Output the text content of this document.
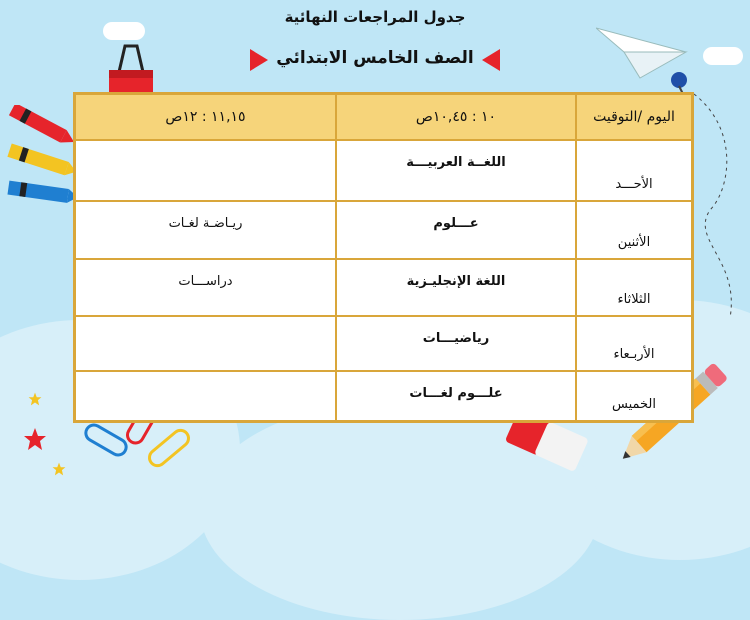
جدول المراجعات النهائية
الصف الخامس الابتدائي
اليوم /التوقيت	١٠ : ١٠,٤٥ص	١١,١٥ : ١٢ص
الأحـــد	اللغــة العربيـــة	
الأثنين	عـــلوم	ريـاضـة لغـات
الثلاثاء	اللغة الإنجليـزية	دراســـات
الأربـعاء	رياضيـــات	
الخميس	علـــوم لغـــات	
